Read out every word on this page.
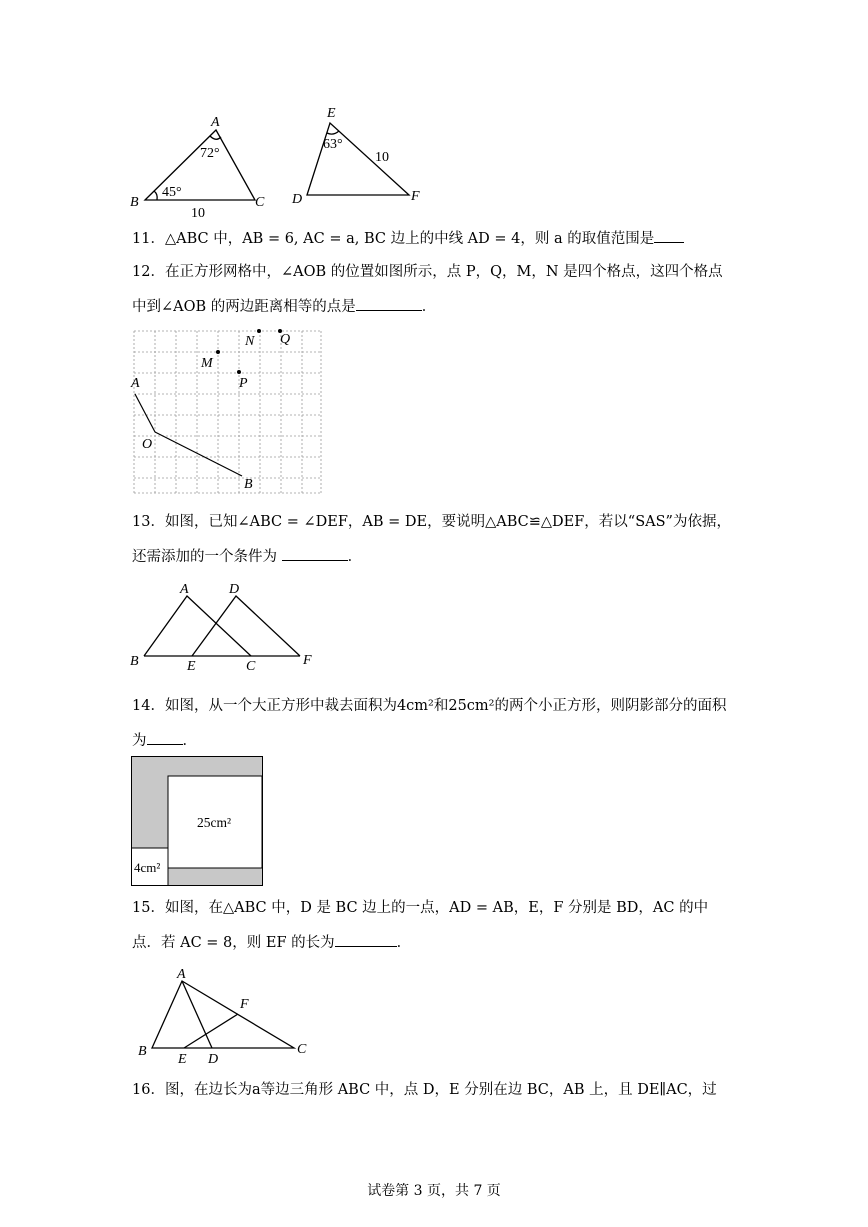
A
72°
B
45°
C
10
E
63°
10
D	F
11．△ABC 中，AB = 6, AC = a, BC 边上的中线 AD = 4，则 a 的取值范围是
12．在正方形网格中，∠AOB 的位置如图所示，点 P，Q，M，N 是四个格点，这四个格点
中到∠AOB 的两边距离相等的点是	．
N Q
M
P
A
O
B
13．如图，已知∠ABC = ∠DEF，AB = DE，要说明△ABC≌△DEF，若以“SAS”为依据，
还需添加的一个条件为	．
A	D
B	E	C	F
14．如图，从一个大正方形中裁去面积为4cm²和25cm²的两个小正方形，则阴影部分的面积
为 ．
25cm²
4cm²
15．如图，在△ABC 中，D 是 BC 边上的一点，AD = AB，E，F 分别是 BD，AC 的中
点．若 AC = 8，则 EF 的长为	．
A
F
B
E D
C
16．图，在边长为a等边三角形 ABC 中，点 D，E 分别在边 BC，AB 上，且 DE∥AC，过
试卷第 3 页，共 7 页
